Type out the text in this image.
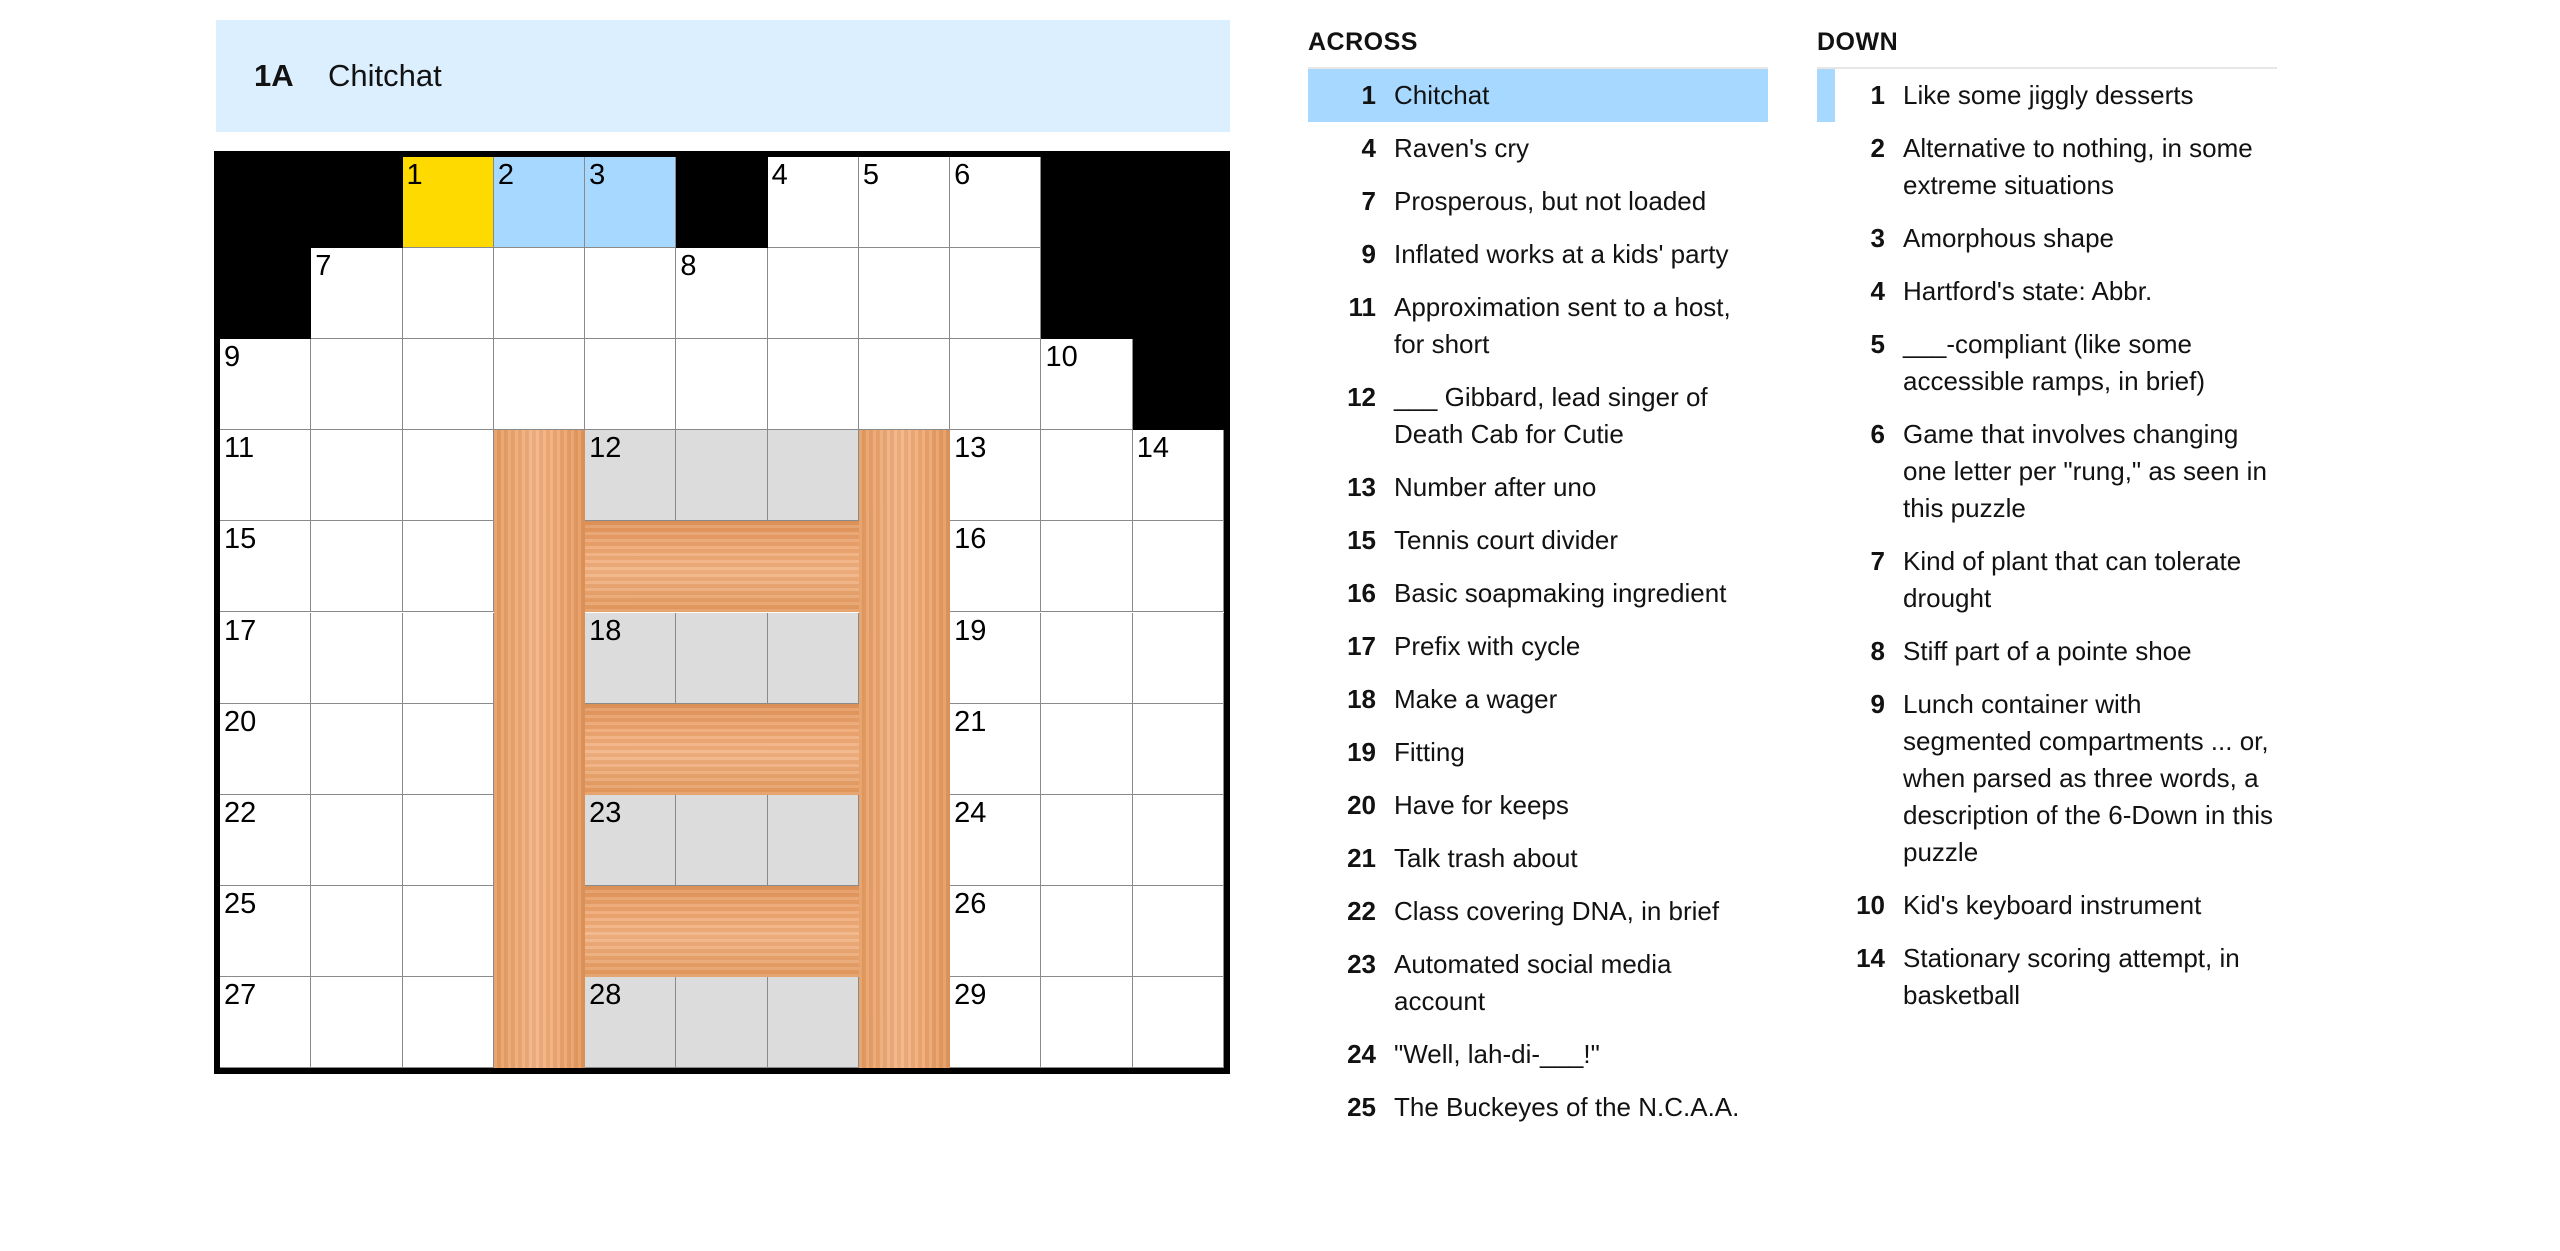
1A	Chitchat
1	2	3	4	5	6
7	8
9	10
11	12	13	14
15	16
17	18	19
20	21
22	23	24
25	26
27	28	29
ACROSS
1 Chitchat
4 Raven's cry
7 Prosperous, but not loaded
9 Inflated works at a kids' party
11 Approximation sent to a host, for short
12 ___ Gibbard, lead singer of Death Cab for Cutie
13 Number after uno
15 Tennis court divider
16 Basic soapmaking ingredient
17 Prefix with cycle
18 Make a wager
19 Fitting
20 Have for keeps
21 Talk trash about
22 Class covering DNA, in brief
23 Automated social media account
24 "Well, lah-di-___!"
25 The Buckeyes of the N.C.A.A.
DOWN
1 Like some jiggly desserts
2 Alternative to nothing, in some extreme situations
3 Amorphous shape
4 Hartford's state: Abbr.
5 ___-compliant (like some accessible ramps, in brief)
6 Game that involves changing one letter per "rung," as seen in this puzzle
7 Kind of plant that can tolerate drought
8 Stiff part of a pointe shoe
9 Lunch container with segmented compartments ... or, when parsed as three words, a description of the 6-Down in this puzzle
10 Kid's keyboard instrument
14 Stationary scoring attempt, in basketball
